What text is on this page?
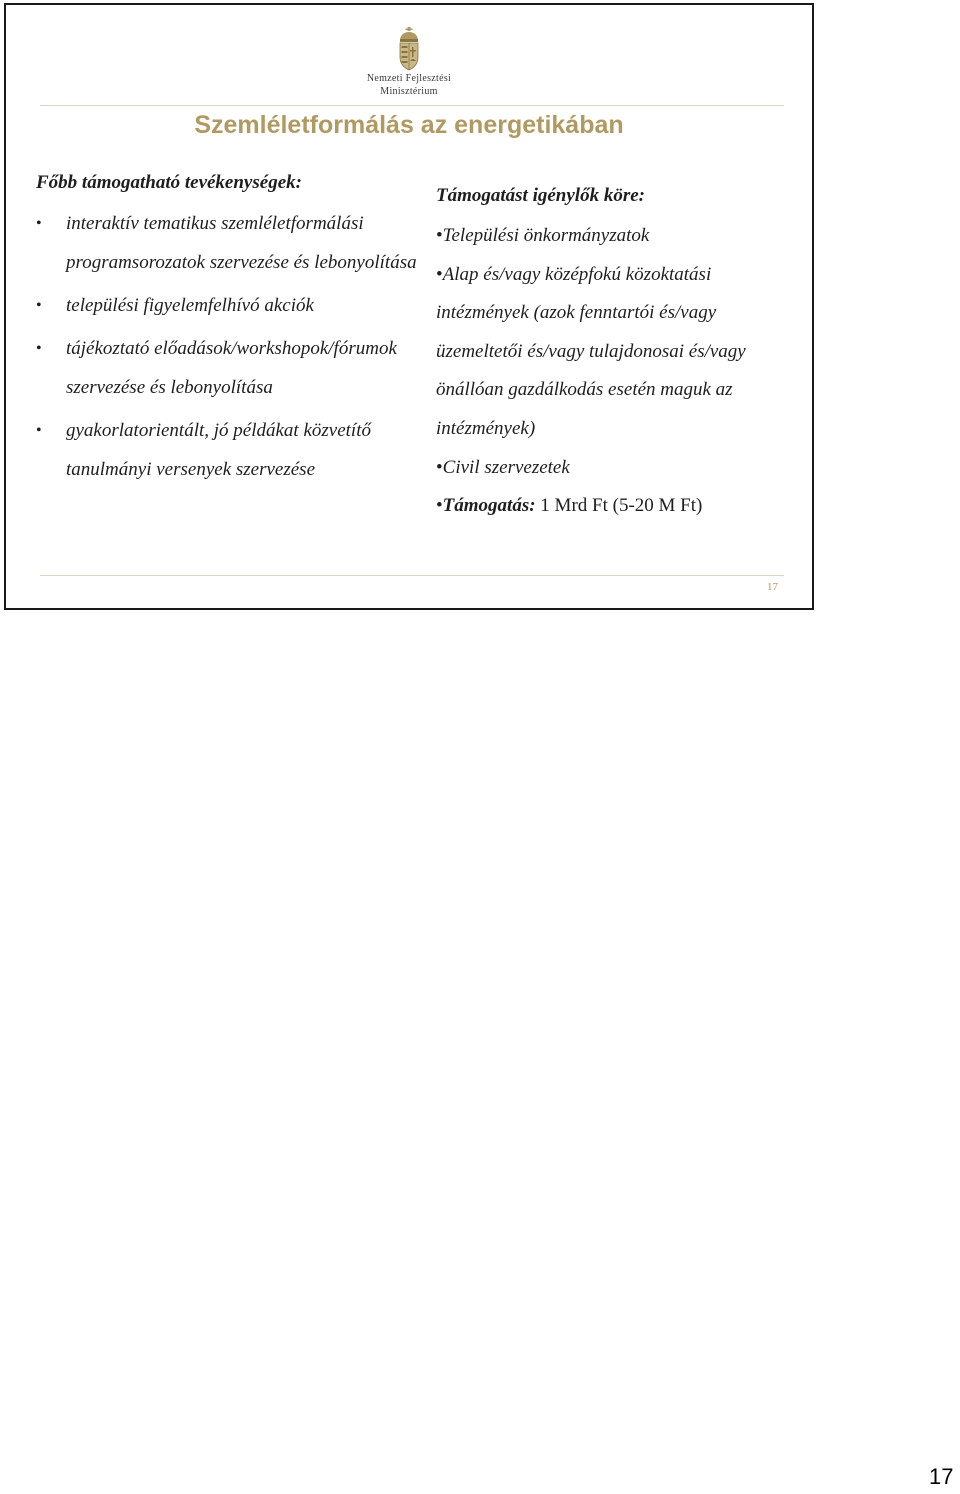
Nemzeti Fejlesztési
Minisztérium
Szemléletformálás az energetikában
Főbb támogatható tevékenységek:
• interaktív tematikus szemléletformálási programsorozatok szervezése és lebonyolítása
• települési figyelemfelhívó akciók
• tájékoztató előadások/workshopok/fórumok szervezése és lebonyolítása
• gyakorlatorientált, jó példákat közvetítő tanulmányi versenyek szervezése
Támogatást igénylők köre:
•Települési önkormányzatok
•Alap és/vagy középfokú közoktatási intézmények (azok fenntartói és/vagy üzemeltetői és/vagy tulajdonosai és/vagy önállóan gazdálkodás esetén maguk az intézmények)
•Civil szervezetek
•Támogatás: 1 Mrd Ft (5-20 M Ft)
17
17
